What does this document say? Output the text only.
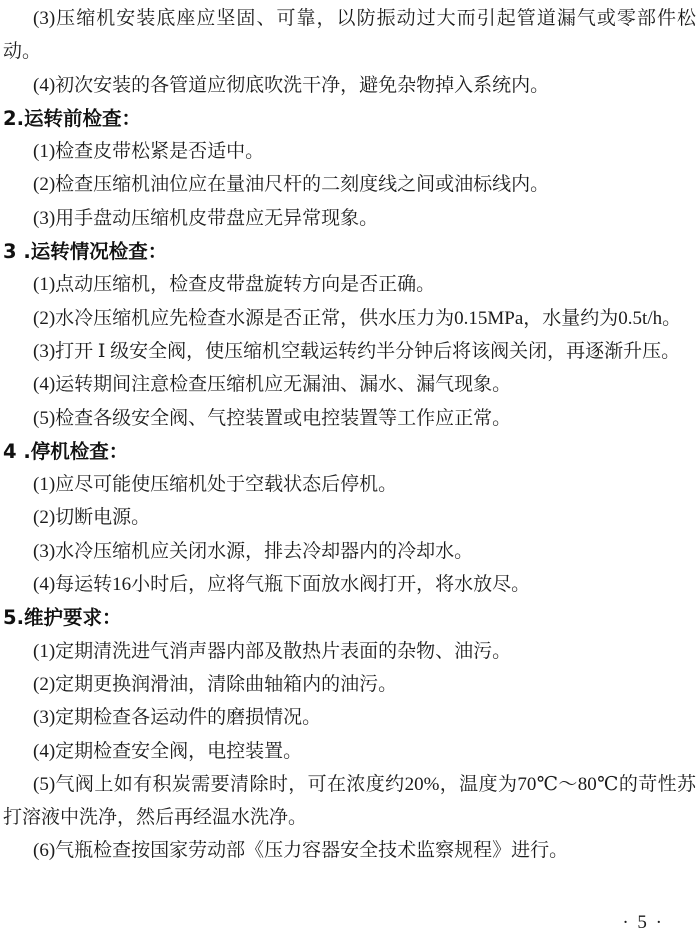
(3)压缩机安装底座应坚固、可靠，以防振动过大而引起管道漏气或零部件松动。

(4)初次安装的各管道应彻底吹洗干净，避免杂物掉入系统内。

2.运转前检查：

(1)检查皮带松紧是否适中。

(2)检查压缩机油位应在量油尺杆的二刻度线之间或油标线内。

(3)用手盘动压缩机皮带盘应无异常现象。

3 .运转情况检查：

(1)点动压缩机，检查皮带盘旋转方向是否正确。

(2)水冷压缩机应先检查水源是否正常，供水压力为0.15MPa，水量约为0.5t/h。

(3)打开 Ⅰ 级安全阀，使压缩机空载运转约半分钟后将该阀关闭，再逐渐升压。

(4)运转期间注意检查压缩机应无漏油、漏水、漏气现象。

(5)检查各级安全阀、气控装置或电控装置等工作应正常。

4 .停机检查：

(1)应尽可能使压缩机处于空载状态后停机。

(2)切断电源。

(3)水冷压缩机应关闭水源，排去冷却器内的冷却水。

(4)每运转16小时后，应将气瓶下面放水阀打开，将水放尽。

5.维护要求：

(1)定期清洗进气消声器内部及散热片表面的杂物、油污。

(2)定期更换润滑油，清除曲轴箱内的油污。

(3)定期检查各运动件的磨损情况。

(4)定期检查安全阀，电控装置。

(5)气阀上如有积炭需要清除时，可在浓度约20%，温度为70℃～80℃的苛性苏打溶液中洗净，然后再经温水洗净。

(6)气瓶检查按国家劳动部《压力容器安全技术监察规程》进行。

· 5 ·
